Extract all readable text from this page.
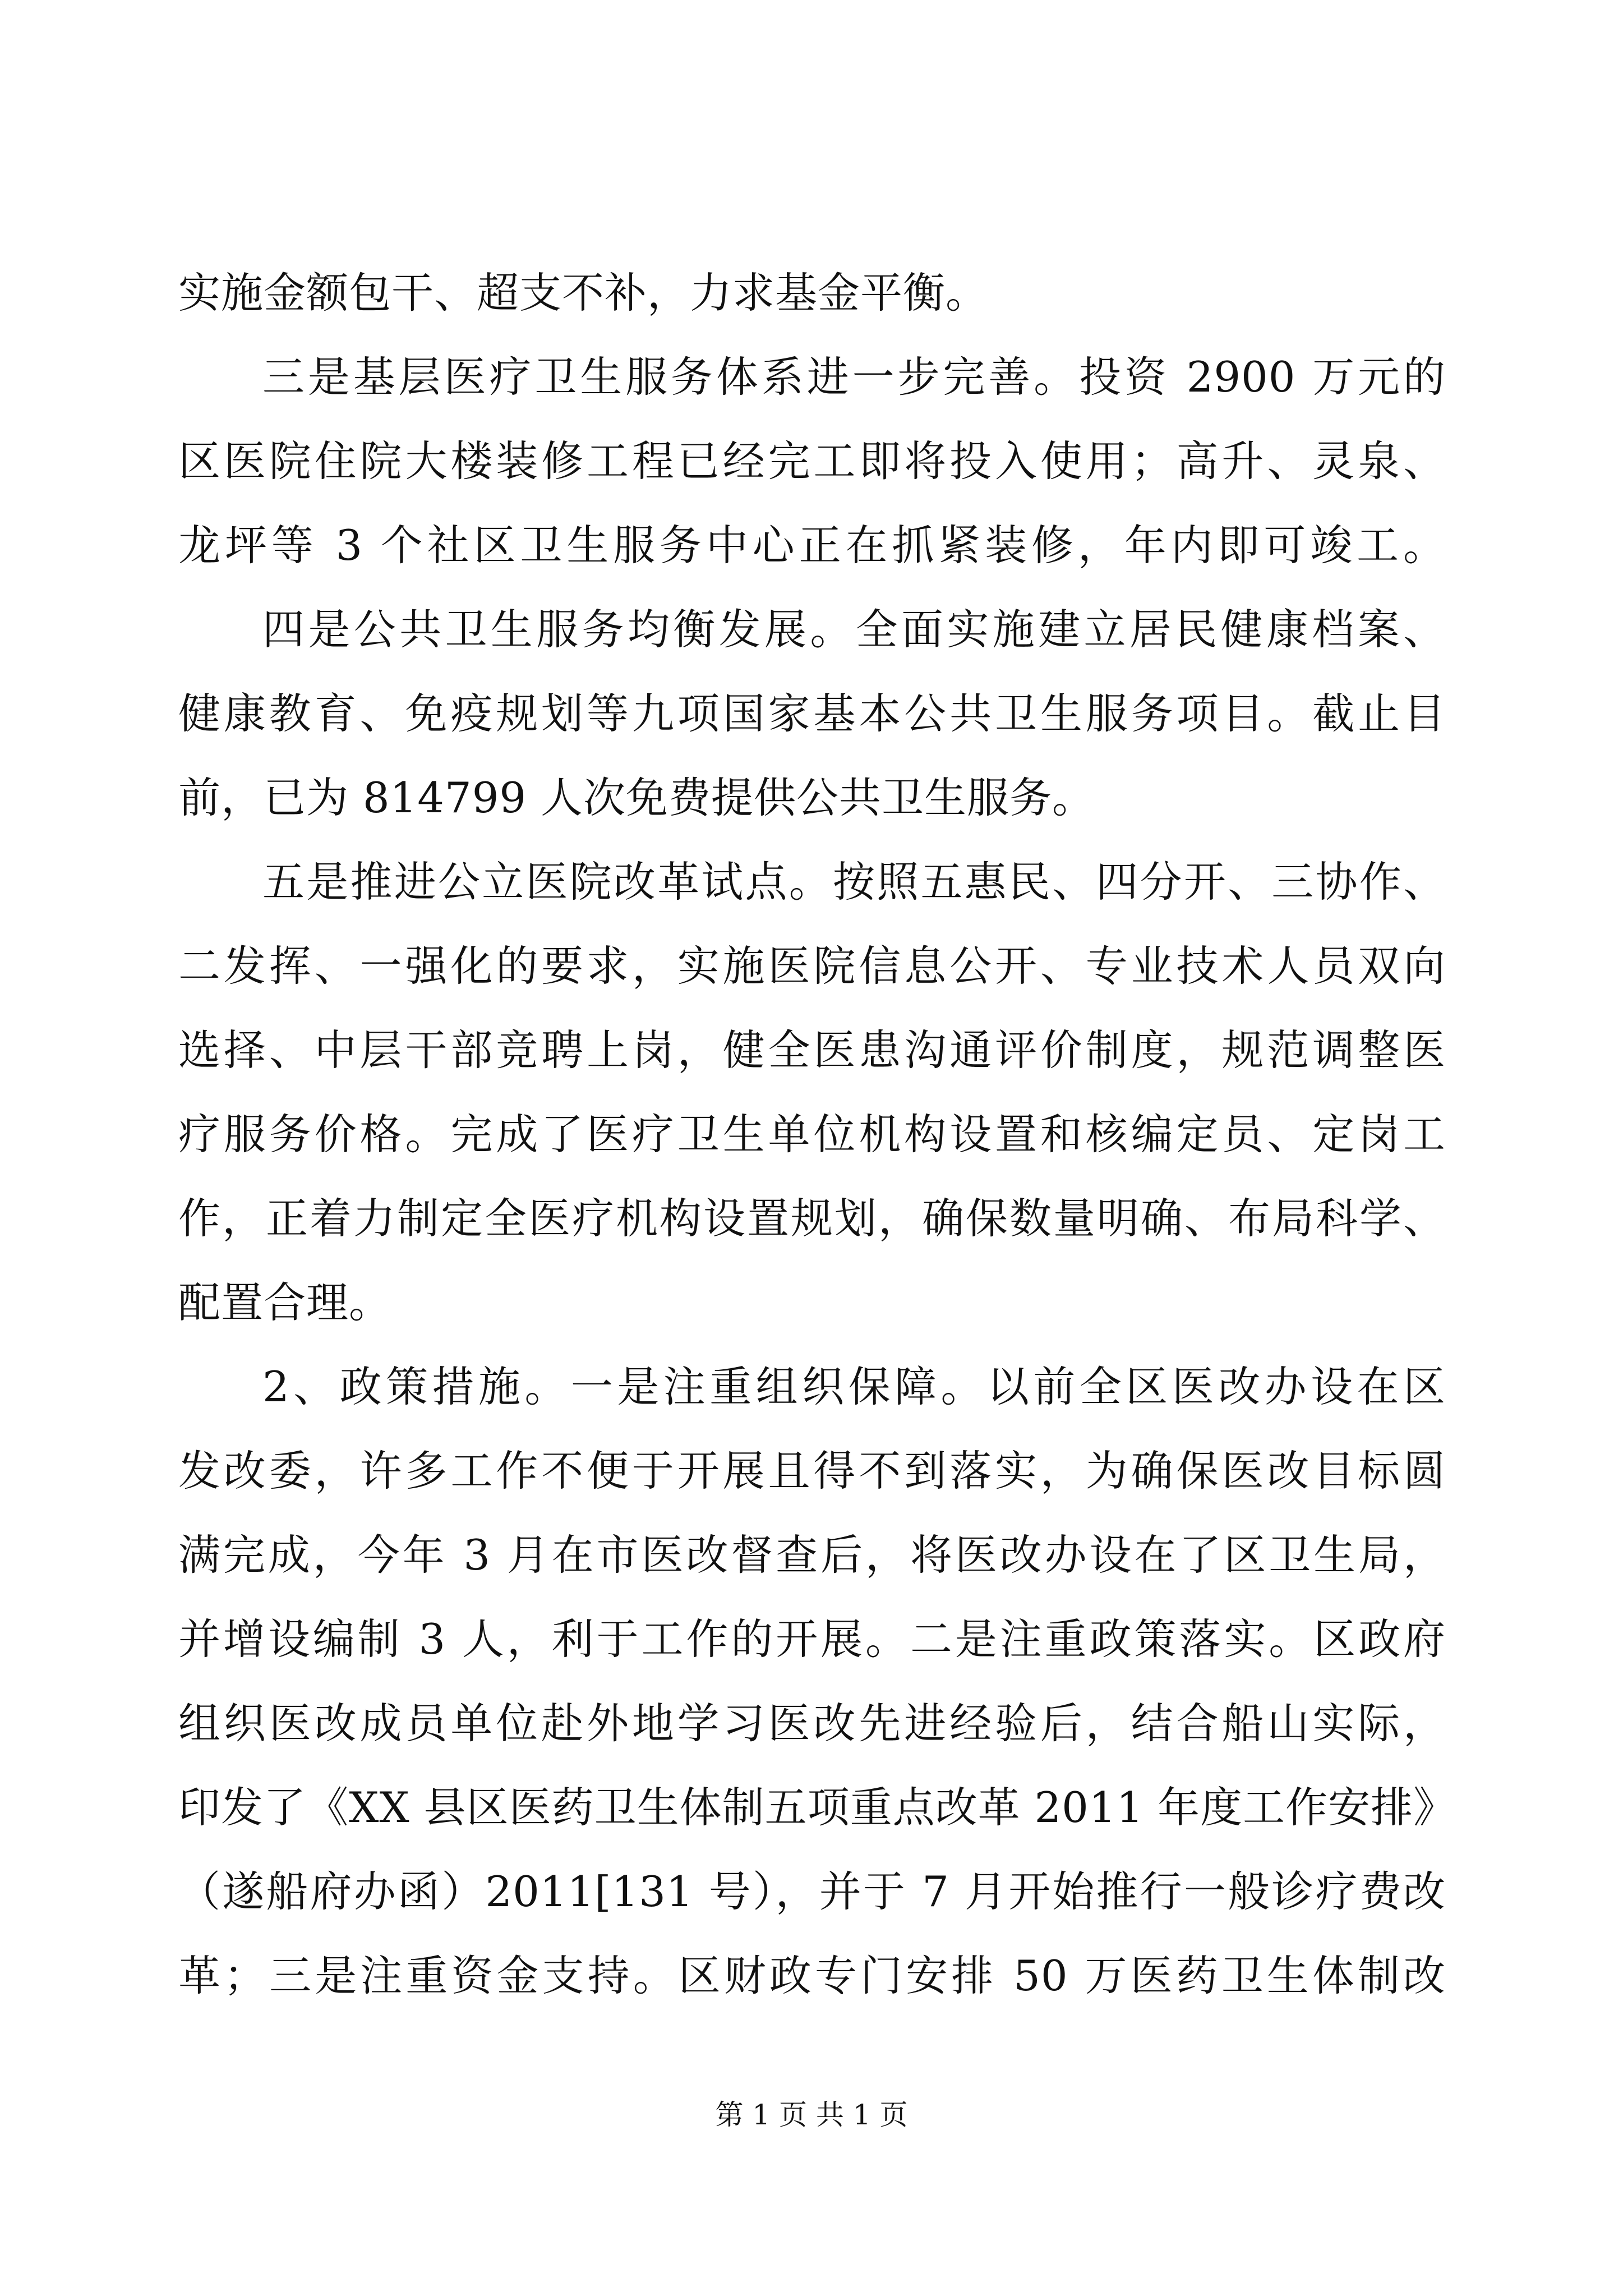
实施金额包干、超支不补，力求基金平衡。
三是基层医疗卫生服务体系进一步完善。投资 2900 万元的
区医院住院大楼装修工程已经完工即将投入使用；高升、灵泉、
龙坪等 3 个社区卫生服务中心正在抓紧装修，年内即可竣工。
四是公共卫生服务均衡发展。全面实施建立居民健康档案、
健康教育、免疫规划等九项国家基本公共卫生服务项目。截止目
前，已为 814799 人次免费提供公共卫生服务。
五是推进公立医院改革试点。按照五惠民、四分开、三协作、
二发挥、一强化的要求，实施医院信息公开、专业技术人员双向
选择、中层干部竞聘上岗，健全医患沟通评价制度，规范调整医
疗服务价格。完成了医疗卫生单位机构设置和核编定员、定岗工
作，正着力制定全医疗机构设置规划，确保数量明确、布局科学、
配置合理。
2、政策措施。一是注重组织保障。以前全区医改办设在区
发改委，许多工作不便于开展且得不到落实，为确保医改目标圆
满完成，今年 3 月在市医改督查后，将医改办设在了区卫生局，
并增设编制 3 人，利于工作的开展。二是注重政策落实。区政府
组织医改成员单位赴外地学习医改先进经验后，结合船山实际，
印发了《XX 县区医药卫生体制五项重点改革 2011 年度工作安排》
（遂船府办函）2011[131 号），并于 7 月开始推行一般诊疗费改
革；三是注重资金支持。区财政专门安排 50 万医药卫生体制改
第 1 页 共 1 页
